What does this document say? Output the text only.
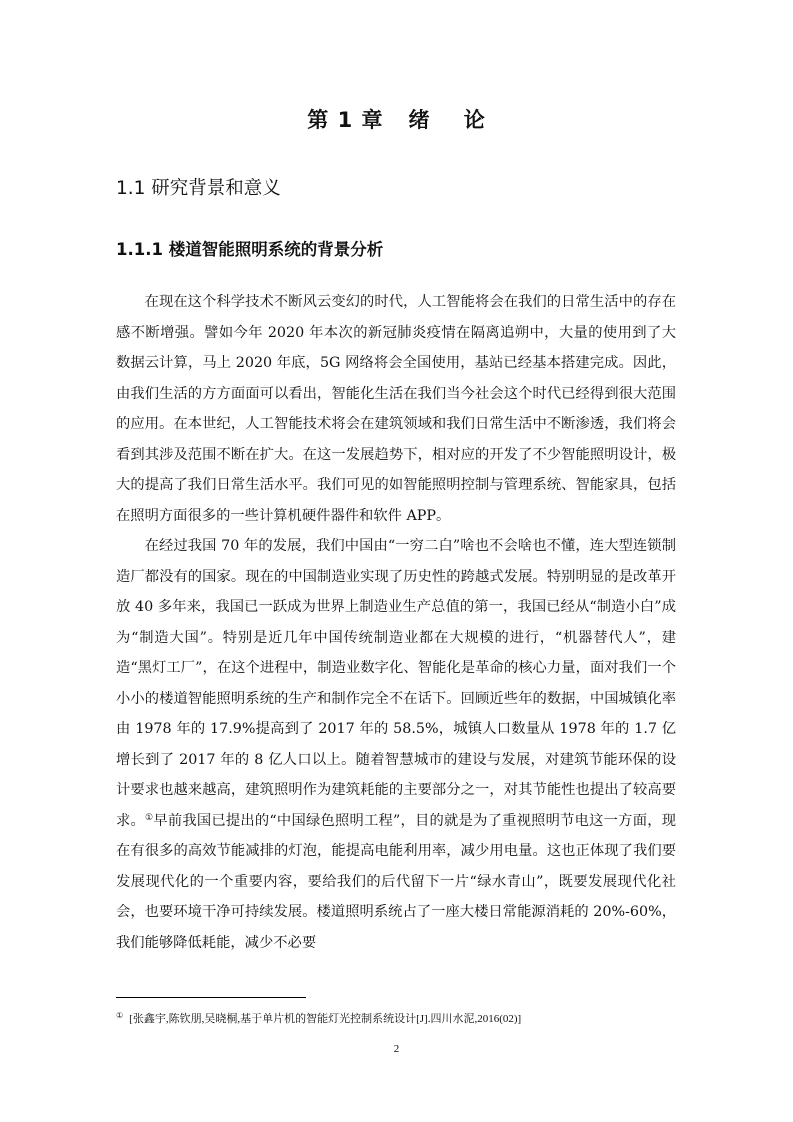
第 1 章   绪    论
1.1 研究背景和意义
1.1.1 楼道智能照明系统的背景分析

在现在这个科学技术不断风云变幻的时代，人工智能将会在我们的日常生活中的存在感不断增强。譬如今年 2020 年本次的新冠肺炎疫情在隔离追朔中，大量的使用到了大数据云计算，马上 2020 年底，5G 网络将会全国使用，基站已经基本搭建完成。因此，由我们生活的方方面面可以看出，智能化生活在我们当今社会这个时代已经得到很大范围的应用。在本世纪，人工智能技术将会在建筑领域和我们日常生活中不断渗透，我们将会看到其涉及范围不断在扩大。在这一发展趋势下，相对应的开发了不少智能照明设计，极大的提高了我们日常生活水平。我们可见的如智能照明控制与管理系统、智能家具，包括在照明方面很多的一些计算机硬件器件和软件 APP。

在经过我国 70 年的发展，我们中国由“一穷二白”啥也不会啥也不懂，连大型连锁制造厂都没有的国家。现在的中国制造业实现了历史性的跨越式发展。特别明显的是改革开放 40 多年来，我国已一跃成为世界上制造业生产总值的第一，我国已经从“制造小白”成为“制造大国”。特别是近几年中国传统制造业都在大规模的进行，“机器替代人”，建造“黑灯工厂”，在这个进程中，制造业数字化、智能化是革命的核心力量，面对我们一个小小的楼道智能照明系统的生产和制作完全不在话下。回顾近些年的数据，中国城镇化率由 1978 年的 17.9%提高到了 2017 年的 58.5%，城镇人口数量从 1978 年的 1.7 亿增长到了 2017 年的 8 亿人口以上。随着智慧城市的建设与发展，对建筑节能环保的设计要求也越来越高，建筑照明作为建筑耗能的主要部分之一，对其节能性也提出了较高要求。①早前我国已提出的“中国绿色照明工程”，目的就是为了重视照明节电这一方面，现在有很多的高效节能减排的灯泡，能提高电能利用率，减少用电量。这也正体现了我们要发展现代化的一个重要内容，要给我们的后代留下一片“绿水青山”，既要发展现代化社会，也要环境干净可持续发展。楼道照明系统占了一座大楼日常能源消耗的 20%-60%，我们能够降低耗能，减少不必要

① [张鑫宇,陈钦朋,吴晓桐,基于单片机的智能灯光控制系统设计[J].四川水泥,2016(02)]
2
